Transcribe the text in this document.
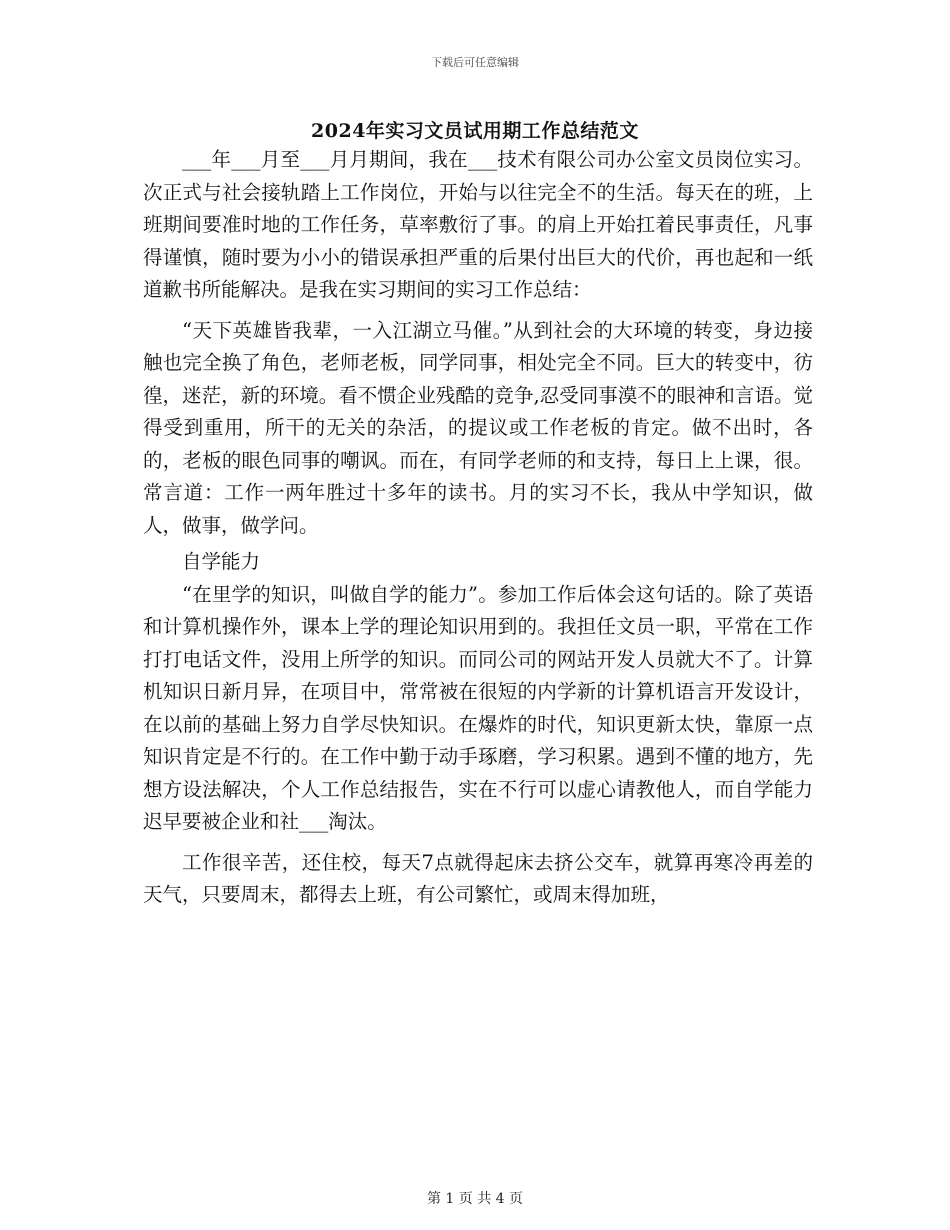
下载后可任意编辑
2024年实习文员试用期工作总结范文

___年___月至___月月期间，我在___技术有限公司办公室文员岗位实习。次正式与社会接轨踏上工作岗位，开始与以往完全不的生活。每天在的班，上班期间要准时地的工作任务，草率敷衍了事。的肩上开始扛着民事责任，凡事得谨慎，随时要为小小的错误承担严重的后果付出巨大的代价，再也起和一纸道歉书所能解决。是我在实习期间的实习工作总结：

“天下英雄皆我辈，一入江湖立马催。”从到社会的大环境的转变，身边接触也完全换了角色，老师老板，同学同事，相处完全不同。巨大的转变中，彷徨，迷茫，新的环境。看不惯企业残酷的竞争,忍受同事漠不的眼神和言语。觉得受到重用，所干的无关的杂活，的提议或工作老板的肯定。做不出时，各的，老板的眼色同事的嘲讽。而在，有同学老师的和支持，每日上上课，很。常言道：工作一两年胜过十多年的读书。月的实习不长，我从中学知识，做人，做事，做学问。

自学能力

“在里学的知识，叫做自学的能力”。参加工作后体会这句话的。除了英语和计算机操作外，课本上学的理论知识用到的。我担任文员一职，平常在工作打打电话文件，没用上所学的知识。而同公司的网站开发人员就大不了。计算机知识日新月异，在项目中，常常被在很短的内学新的计算机语言开发设计，在以前的基础上努力自学尽快知识。在爆炸的时代，知识更新太快，靠原一点知识肯定是不行的。在工作中勤于动手琢磨，学习积累。遇到不懂的地方，先想方设法解决，个人工作总结报告，实在不行可以虚心请教他人，而自学能力迟早要被企业和社___淘汰。

工作很辛苦，还住校，每天7点就得起床去挤公交车，就算再寒冷再差的天气，只要周末，都得去上班，有公司繁忙，或周末得加班，

第 1 页 共 4 页
